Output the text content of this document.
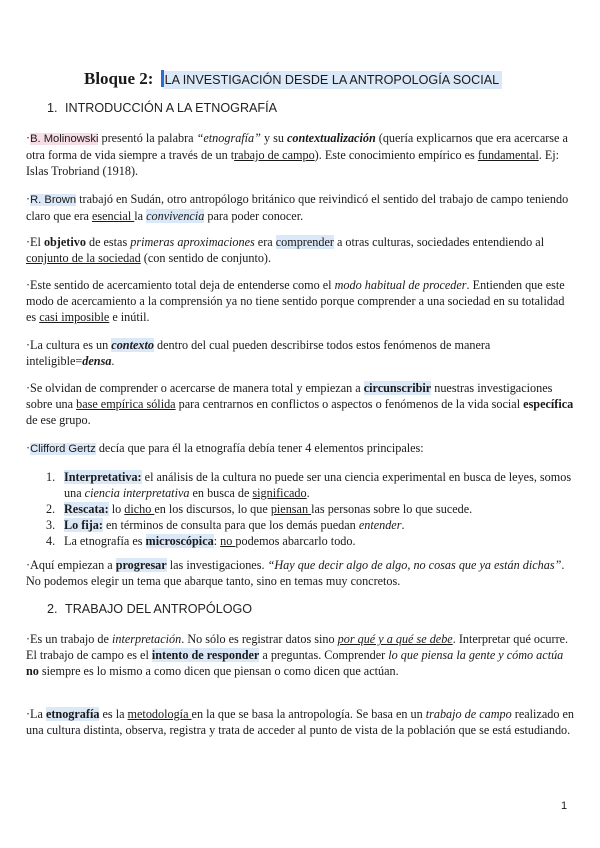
Bloque 2: LA INVESTIGACIÓN DESDE LA ANTROPOLOGÍA SOCIAL
1. INTRODUCCIÓN A LA ETNOGRAFÍA

·B. Molinowski presentó la palabra “etnografía” y su contextualización (quería explicarnos que era acercarse a otra forma de vida siempre a través de un trabajo de campo). Este conocimiento empírico es fundamental. Ej: Islas Trobriand (1918).

·R. Brown trabajó en Sudán, otro antropólogo británico que reivindicó el sentido del trabajo de campo teniendo claro que era esencial la convivencia para poder conocer.

·El objetivo de estas primeras aproximaciones era comprender a otras culturas, sociedades entendiendo al conjunto de la sociedad (con sentido de conjunto).

·Este sentido de acercamiento total deja de entenderse como el modo habitual de proceder. Entienden que este modo de acercamiento a la comprensión ya no tiene sentido porque comprender a una sociedad en su totalidad es casi imposible e inútil.

·La cultura es un contexto dentro del cual pueden describirse todos estos fenómenos de manera inteligible=densa.

·Se olvidan de comprender o acercarse de manera total y empiezan a circunscribir nuestras investigaciones sobre una base empírica sólida para centrarnos en conflictos o aspectos o fenómenos de la vida social específica de ese grupo.

·Clifford Gertz decía que para él la etnografía debía tener 4 elementos principales:

1. Interpretativa: el análisis de la cultura no puede ser una ciencia experimental en busca de leyes, somos una ciencia interpretativa en busca de significado.
2. Rescata: lo dicho en los discursos, lo que piensan las personas sobre lo que sucede.
3. Lo fija: en términos de consulta para que los demás puedan entender.
4. La etnografía es microscópica: no podemos abarcarlo todo.

·Aquí empiezan a progresar las investigaciones. “Hay que decir algo de algo, no cosas que ya están dichas”. No podemos elegir un tema que abarque tanto, sino en temas muy concretos.

2. TRABAJO DEL ANTROPÓLOGO

·Es un trabajo de interpretación. No sólo es registrar datos sino por qué y a qué se debe. Interpretar qué ocurre. El trabajo de campo es el intento de responder a preguntas. Comprender lo que piensa la gente y cómo actúa no siempre es lo mismo a como dicen que piensan o como dicen que actúan.

·La etnografía es la metodología en la que se basa la antropología. Se basa en un trabajo de campo realizado en una cultura distinta, observa, registra y trata de acceder al punto de vista de la población que se está estudiando.

1
